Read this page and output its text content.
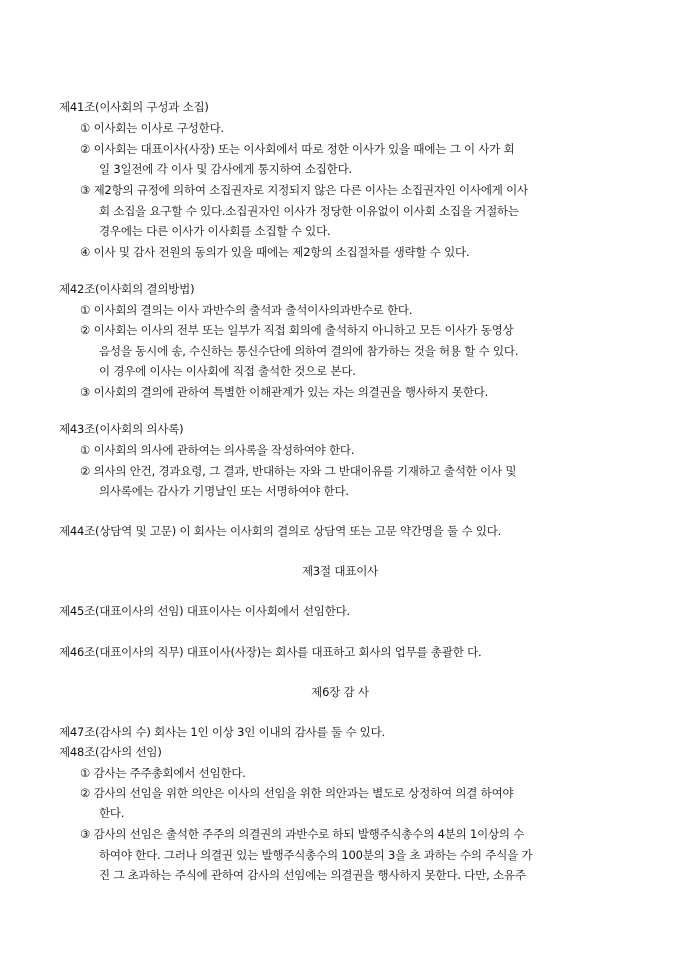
제41조(이사회의 구성과 소집)
① 이사회는 이사로 구성한다.
② 이사회는 대표이사(사장) 또는 이사회에서 따로 정한 이사가 있을 때에는 그 이 사가 회
일 3일전에 각 이사 및 감사에게 통지하여 소집한다.
③ 제2항의 규정에 의하여 소집권자로 지정되지 않은 다른 이사는 소집권자인 이사에게 이사
회 소집을 요구할 수 있다.소집권자인 이사가 정당한 이유없이 이사회 소집을 거절하는
경우에는 다른 이사가 이사회를 소집할 수 있다.
④ 이사 및 감사 전원의 동의가 있을 때에는 제2항의 소집절차를 생략할 수 있다.
제42조(이사회의 결의방법)
① 이사회의 결의는 이사 과반수의 출석과 출석이사의과반수로 한다.
② 이사회는 이사의 전부 또는 일부가 직접 회의에 출석하지 아니하고 모든 이사가 동영상
음성을 동시에 송, 수신하는 통신수단에 의하여 결의에 참가하는 것을 허용 할 수 있다.
이 경우에 이사는 이사회에 직접 출석한 것으로 본다.
③ 이사회의 결의에 관하여 특별한 이해관계가 있는 자는 의결권을 행사하지 못한다.
제43조(이사회의 의사록)
① 이사회의 의사에 관하여는 의사록을 작성하여야 한다.
② 의사의 안건, 경과요령, 그 결과, 반대하는 자와 그 반대이유를 기재하고 출석한 이사 및
의사록에는 감사가 기명날인 또는 서명하여야 한다.
제44조(상담역 및 고문) 이 회사는 이사회의 결의로 상담역 또는 고문 약간명을 둘 수 있다.
제3절 대표이사
제45조(대표이사의 선임) 대표이사는 이사회에서 선임한다.
제46조(대표이사의 직무) 대표이사(사장)는 회사를 대표하고 회사의 업무를 총괄한 다.
제6장 감 사
제47조(감사의 수) 회사는 1인 이상 3인 이내의 감사를 둘 수 있다.
제48조(감사의 선임)
① 감사는 주주총회에서 선임한다.
② 감사의 선임을 위한 의안은 이사의 선임을 위한 의안과는 별도로 상정하여 의결 하여야
한다.
③ 감사의 선임은 출석한 주주의 의결권의 과반수로 하되 발행주식총수의 4분의 1이상의 수
하여야 한다. 그러나 의결권 있는 발행주식총수의 100분의 3을 초 과하는 수의 주식을 가
진 그 초과하는 주식에 관하여 감사의 선임에는 의결권을 행사하지 못한다. 다만, 소유주
